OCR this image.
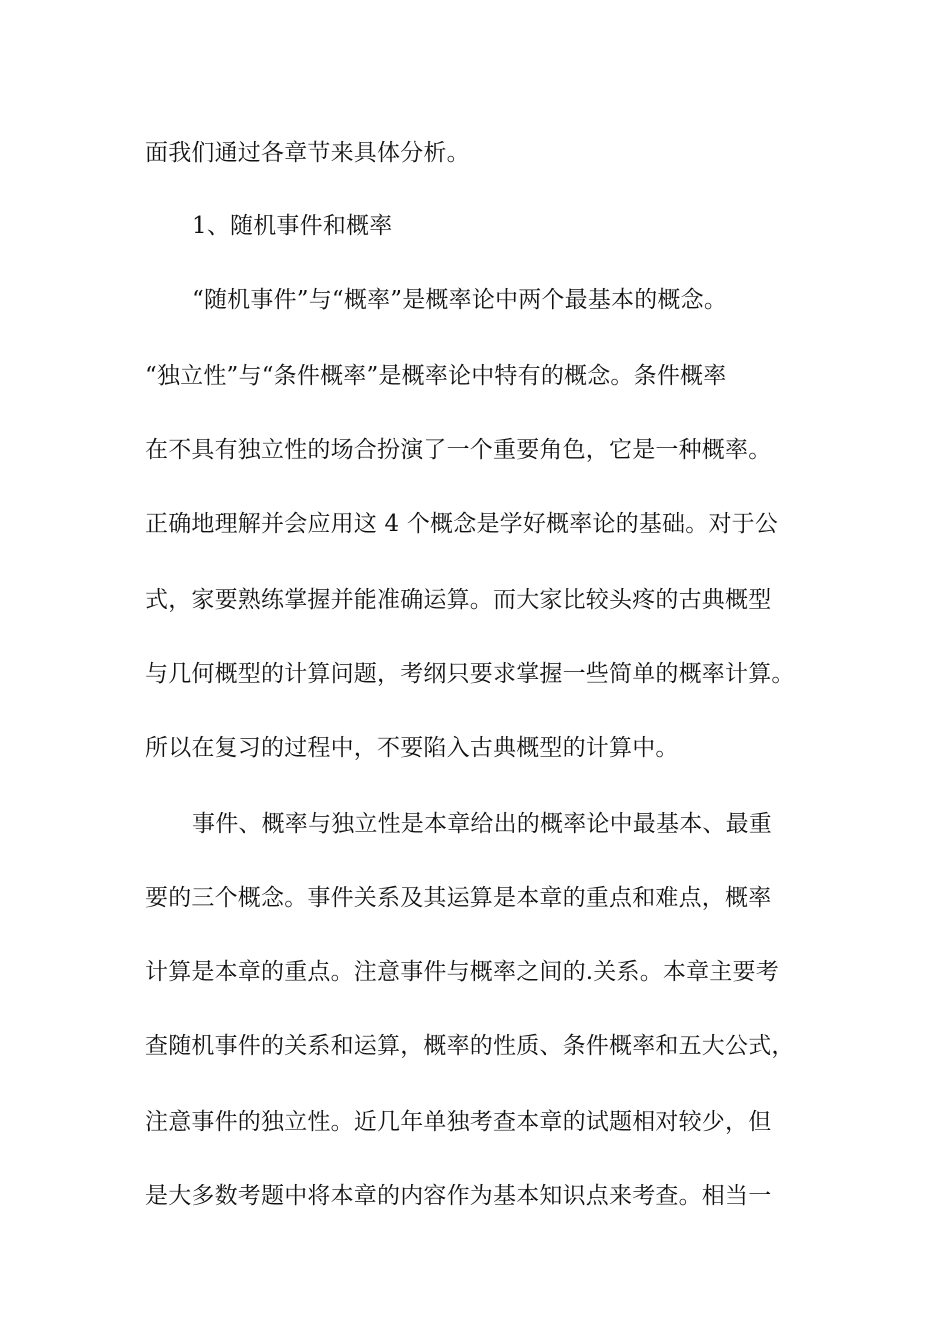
面我们通过各章节来具体分析。
1、随机事件和概率
“随机事件”与“概率”是概率论中两个最基本的概念。
“独立性”与“条件概率”是概率论中特有的概念。条件概率
在不具有独立性的场合扮演了一个重要角色，它是一种概率。
正确地理解并会应用这 4 个概念是学好概率论的基础。对于公
式，家要熟练掌握并能准确运算。而大家比较头疼的古典概型
与几何概型的计算问题，考纲只要求掌握一些简单的概率计算。
所以在复习的过程中，不要陷入古典概型的计算中。
事件、概率与独立性是本章给出的概率论中最基本、最重
要的三个概念。事件关系及其运算是本章的重点和难点，概率
计算是本章的重点。注意事件与概率之间的.关系。本章主要考
查随机事件的关系和运算，概率的性质、条件概率和五大公式，
注意事件的独立性。近几年单独考查本章的试题相对较少，但
是大多数考题中将本章的内容作为基本知识点来考查。相当一
